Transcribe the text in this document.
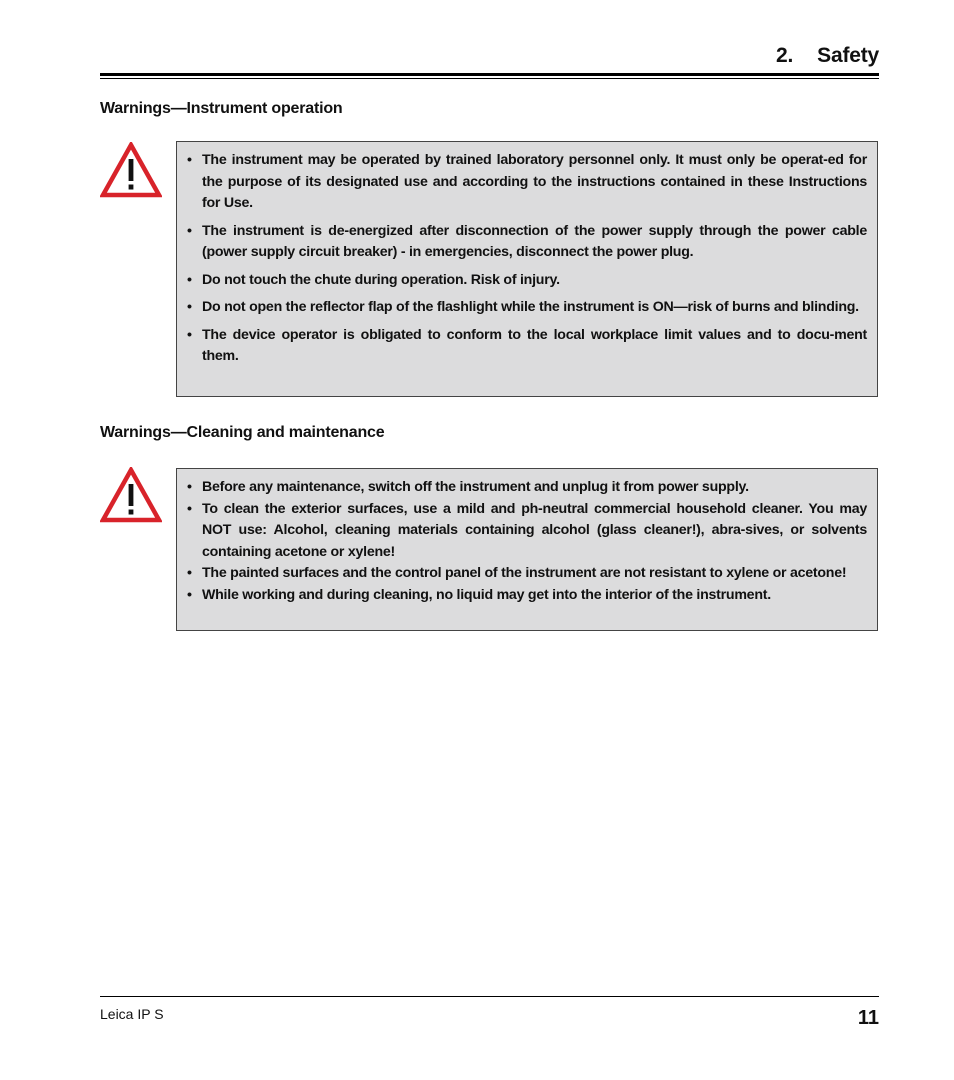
2. Safety
Warnings—Instrument operation
• The instrument may be operated by trained laboratory personnel only. It must only be operat-ed for the purpose of its designated use and according to the instructions contained in these Instructions for Use.
• The instrument is de-energized after disconnection of the power supply through the power cable (power supply circuit breaker) - in emergencies, disconnect the power plug.
• Do not touch the chute during operation. Risk of injury.
• Do not open the reflector flap of the flashlight while the instrument is ON—risk of burns and blinding.
• The device operator is obligated to conform to the local workplace limit values and to docu-ment them.
Warnings—Cleaning and maintenance
• Before any maintenance, switch off the instrument and unplug it from power supply.
• To clean the exterior surfaces, use a mild and ph-neutral commercial household cleaner. You may NOT use: Alcohol, cleaning materials containing alcohol (glass cleaner!), abra-sives, or solvents containing acetone or xylene!
• The painted surfaces and the control panel of the instrument are not resistant to xylene or acetone!
• While working and during cleaning, no liquid may get into the interior of the instrument.
Leica IP S	11
